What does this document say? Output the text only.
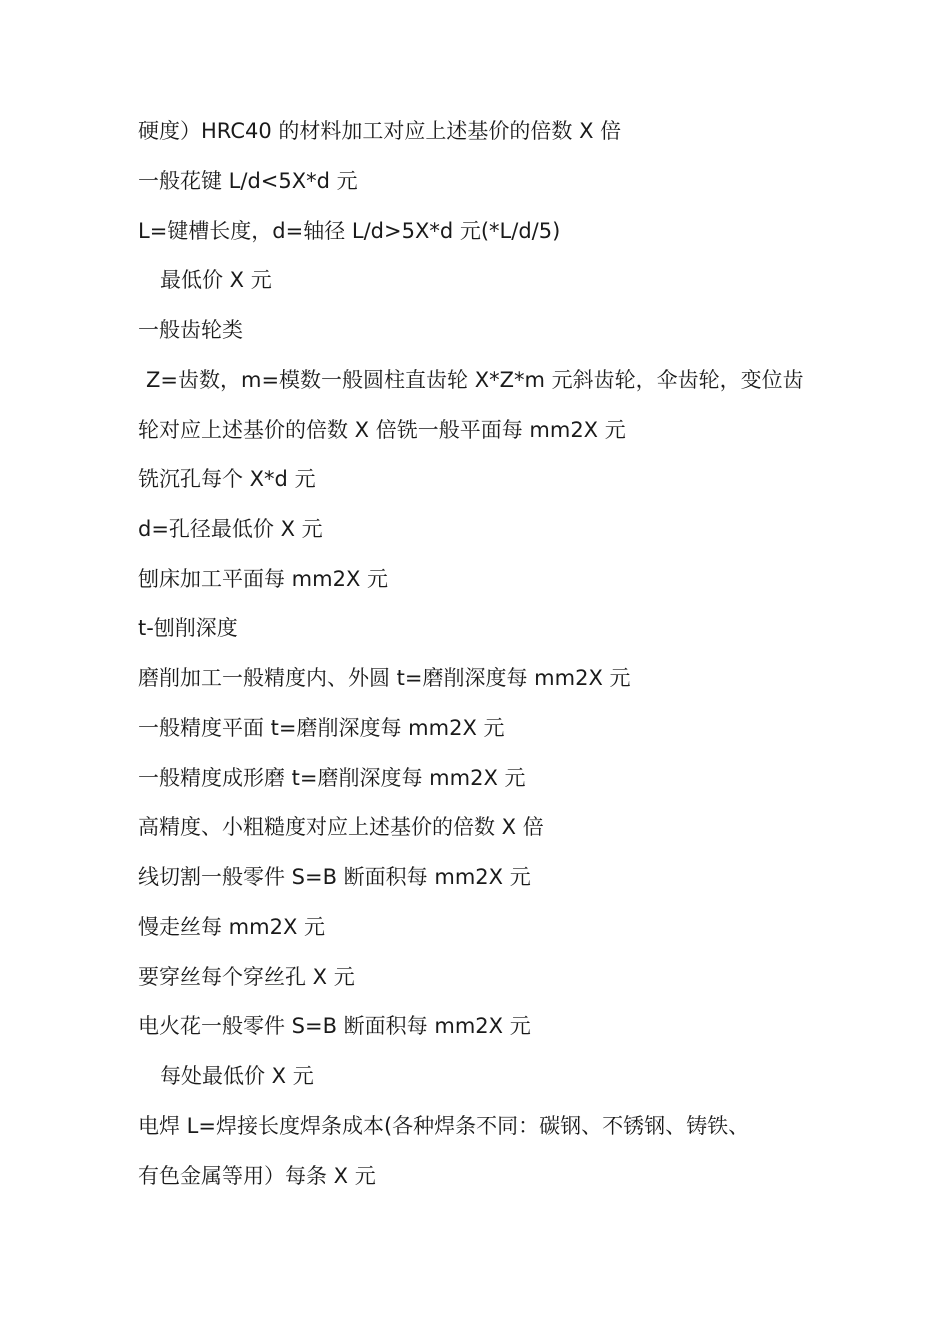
硬度）HRC40 的材料加工对应上述基价的倍数 X 倍
一般花键 L/d<5X*d 元
L=键槽长度，d=轴径 L/d>5X*d 元(*L/d/5)
最低价 X 元
一般齿轮类
Z=齿数，m=模数一般圆柱直齿轮 X*Z*m 元斜齿轮，伞齿轮，变位齿
轮对应上述基价的倍数 X 倍铣一般平面每 mm2X 元
铣沉孔每个 X*d 元
d=孔径最低价 X 元
刨床加工平面每 mm2X 元
t-刨削深度
磨削加工一般精度内、外圆 t=磨削深度每 mm2X 元
一般精度平面 t=磨削深度每 mm2X 元
一般精度成形磨 t=磨削深度每 mm2X 元
高精度、小粗糙度对应上述基价的倍数 X 倍
线切割一般零件 S=B 断面积每 mm2X 元
慢走丝每 mm2X 元
要穿丝每个穿丝孔 X 元
电火花一般零件 S=B 断面积每 mm2X 元
每处最低价 X 元
电焊 L=焊接长度焊条成本(各种焊条不同：碳钢、不锈钢、铸铁、
有色金属等用）每条 X 元
